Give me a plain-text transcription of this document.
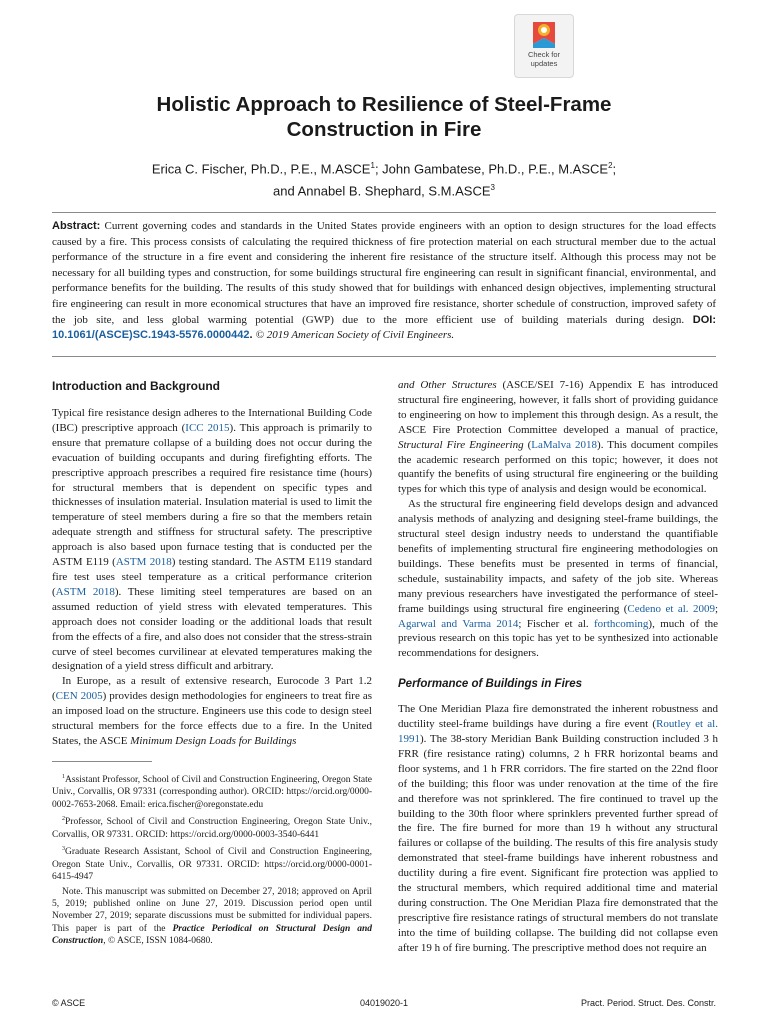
Check for
updates
Holistic Approach to Resilience of Steel-Frame
Construction in Fire
Erica C. Fischer, Ph.D., P.E., M.ASCE$^1$; John Gambatese, Ph.D., P.E., M.ASCE$^2$;
and Annabel B. Shephard, S.M.ASCE$^3$
Abstract: Current governing codes and standards in the United States provide engineers with an option to design structures for the load effects caused by a fire. This process consists of calculating the required thickness of fire protection material on each structural member due to the actual performance of the structure in a fire event and considering the inherent fire resistance of the structure itself. Although this process may not be necessary for all building types and construction, for some buildings structural fire engineering can result in significant financial, environmental, and performance benefits for the building. The results of this study showed that for buildings with enhanced design objectives, implementing structural fire engineering can result in more economical structures that have an improved fire resistance, shorter schedule of construction, improved safety of the job site, and less global warming potential (GWP) due to the more efficient use of building materials during design. DOI: 10.1061/(ASCE)SC.1943-5576.0000442. © 2019 American Society of Civil Engineers.
Introduction and Background

Typical fire resistance design adheres to the International Building Code (IBC) prescriptive approach (ICC 2015). This approach is primarily to ensure that premature collapse of a building does not occur during the evacuation of building occupants and during firefighting efforts. The prescriptive approach prescribes a required fire resistance time (hours) for structural members that is dependent on specific types and thicknesses of insulation material. Insulation material is used to limit the temperature of steel members during a fire so that the members retain adequate strength and stiffness for structural safety. The prescriptive approach is also based upon furnace testing that is conducted per the ASTM E119 (ASTM 2018) testing standard. The ASTM E119 standard fire test uses steel temperature as a critical performance criterion (ASTM 2018). These limiting steel temperatures are based on an assumed reduction of yield stress with elevated temperatures. This approach does not consider loading or the additional loads that result from the effects of a fire, and also does not consider that the stress-strain curve of steel becomes curvilinear at elevated temperatures making the designation of a yield stress difficult and arbitrary.

In Europe, as a result of extensive research, Eurocode 3 Part 1.2 (CEN 2005) provides design methodologies for engineers to treat fire as an imposed load on the structure. Engineers use this code to design steel structural members for the force effects due to a fire. In the United States, the ASCE Minimum Design Loads for Buildings

$^1$Assistant Professor, School of Civil and Construction Engineering, Oregon State Univ., Corvallis, OR 97331 (corresponding author). ORCID: https://orcid.org/0000-0002-7653-2068. Email: erica.fischer@oregonstate.edu

$^2$Professor, School of Civil and Construction Engineering, Oregon State Univ., Corvallis, OR 97331. ORCID: https://orcid.org/0000-0003-3540-6441

$^3$Graduate Research Assistant, School of Civil and Construction Engineering, Oregon State Univ., Corvallis, OR 97331. ORCID: https://orcid.org/0000-0001-6415-4947

Note. This manuscript was submitted on December 27, 2018; approved on April 5, 2019; published online on June 27, 2019. Discussion period open until November 27, 2019; separate discussions must be submitted for individual papers. This paper is part of the Practice Periodical on Structural Design and Construction, © ASCE, ISSN 1084-0680.

and Other Structures (ASCE/SEI 7-16) Appendix E has introduced structural fire engineering, however, it falls short of providing guidance to engineering on how to implement this through design. As a result, the ASCE Fire Protection Committee developed a manual of practice, Structural Fire Engineering (LaMalva 2018). This document compiles the academic research performed on this topic; however, it does not quantify the benefits of using structural fire engineering or the building types for which this type of analysis and design would be economical.

As the structural fire engineering field develops design and advanced analysis methods of analyzing and designing steel-frame buildings, the structural steel design industry needs to understand the quantifiable benefits of implementing structural fire engineering methodologies on buildings. These benefits must be presented in terms of financial, schedule, sustainability impacts, and safety of the job site. Whereas many previous researchers have investigated the performance of steel-frame buildings using structural fire engineering (Cedeno et al. 2009; Agarwal and Varma 2014; Fischer et al. forthcoming), much of the previous research on this topic has yet to be synthesized into actionable recommendations for designers.

Performance of Buildings in Fires

The One Meridian Plaza fire demonstrated the inherent robustness and ductility steel-frame buildings have during a fire event (Routley et al. 1991). The 38-story Meridian Bank Building construction included 3 h FRR (fire resistance rating) columns, 2 h FRR horizontal beams and floor systems, and 1 h FRR corridors. The fire started on the 22nd floor of the building; this floor was under renovation at the time of the fire and therefore was not sprinklered. The fire continued to travel up the building to the 30th floor where sprinklers prevented further spread of the fire. The fire burned for more than 19 h without any structural failures or collapse of the building. The results of this fire analysis study demonstrated that steel-frame buildings have inherent robustness and ductility during a fire event. Significant fire protection was applied to the structural members, which required additional time and material during construction. The One Meridian Plaza fire demonstrated that the prescriptive fire resistance ratings of structural members do not translate into the time of building collapse. The building did not collapse even after 19 h of fire burning. The prescriptive method does not require an

© ASCE	04019020-1	Pract. Period. Struct. Des. Constr.
